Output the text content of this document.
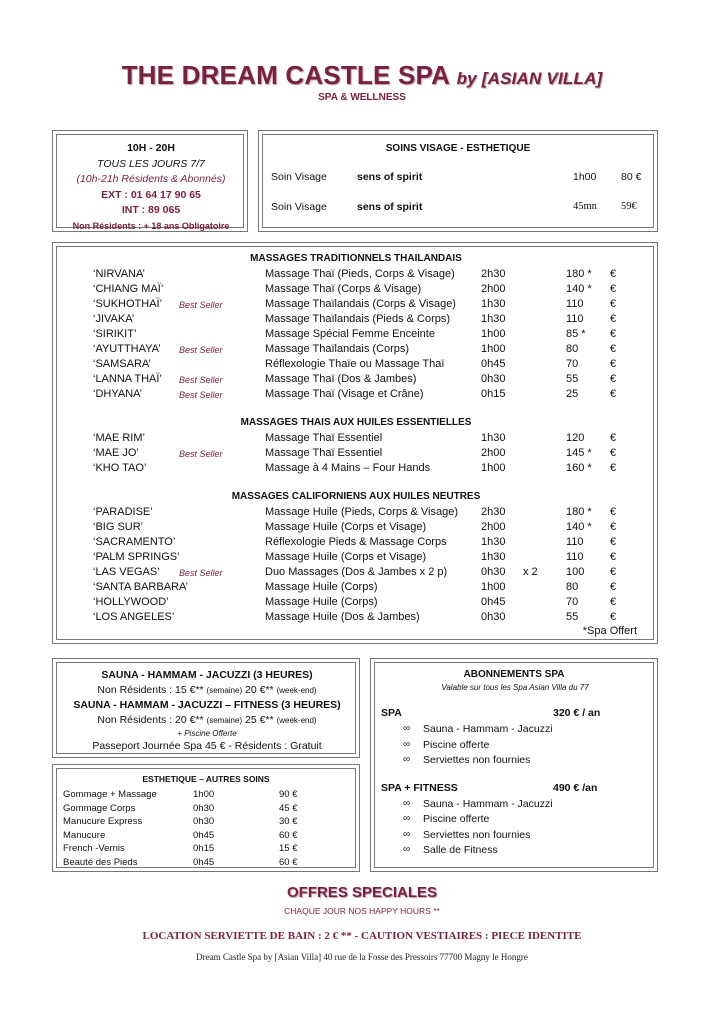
THE DREAM CASTLE SPA by [ASIAN VILLA]
SPA & WELLNESS
10H - 20H
TOUS LES JOURS 7/7
(10h-21h Résidents & Abonnés)
EXT : 01 64 17 90 65
INT : 89 065
Non Résidents : + 18 ans Obligatoire
SOINS VISAGE - ESTHETIQUE
Soin Visage	sens of spirit	1h00 80 €
Soin Visage	sens of spirit	45mn 59€
MASSAGES TRADITIONNELS THAILANDAIS
‘NIRVANA’	Massage Thaï (Pieds, Corps & Visage) 2h30	180 * €
‘CHIANG MAÏ’	Massage Thaï (Corps & Visage)	2h00	140 * €
‘SUKHOTHAÏ’ Best Seller	Massage Thaïlandais (Corps & Visage) 1h30	110 €
‘JIVAKA’	Massage Thaïlandais (Pieds & Corps)	1h30	110 €
‘SIRIKIT’	Massage Spécial Femme Enceinte	1h00	85 * €
‘AYUTTHAYA’ Best Seller	Massage Thaïlandais (Corps)	1h00	80	€
‘SAMSARA’	Réflexologie Thaïe ou Massage Thaï	0h45	70	€
‘LANNA THAÏ’ Best Seller	Massage Thaï (Dos & Jambes)	0h30	55	€
‘DHYANA’	Best Seller	Massage Thaï (Visage et Crâne)	0h15	25	€
MASSAGES THAIS AUX HUILES ESSENTIELLES
‘MAE RIM’	Massage Thaï Essentiel	1h30	120 €
‘MAE JO’	Best Seller	Massage Thaï Essentiel	2h00	145 * €
‘KHO TAO’	Massage à 4 Mains – Four Hands	1h00	160 * €
MASSAGES CALIFORNIENS AUX HUILES NEUTRES
‘PARADISE’	Massage Huile (Pieds, Corps & Visage) 2h30	180 * €
‘BIG SUR’	Massage Huile (Corps et Visage)	2h00	140 * €
‘SACRAMENTO’	Réflexologie Pieds & Massage Corps	1h30	110 €
‘PALM SPRINGS’	Massage Huile (Corps et Visage)	1h30	110 €
‘LAS VEGAS’ Best Seller	Duo Massages (Dos & Jambes x 2 p)	0h30 x 2	100 €
‘SANTA BARBARA’	Massage Huile (Corps)	1h00	80	€
‘HOLLYWOOD’	Massage Huile (Corps)	0h45	70	€
‘LOS ANGELES’	Massage Huile (Dos & Jambes)	0h30	55	€
*Spa Offert
SAUNA - HAMMAM - JACUZZI (3 HEURES)
Non Résidents : 15 €** (semaine) 20 €** (week-end)
SAUNA - HAMMAM - JACUZZI – FITNESS (3 HEURES)
Non Résidents : 20 €** (semaine) 25 €** (week-end)
+ Piscine Offerte
Passeport Journée Spa 45 € - Résidents : Gratuit
ESTHETIQUE – AUTRES SOINS
Gommage + Massage	1h00	90 €
Gommage Corps	0h30	45 €
Manucure Express	0h30	30 €
Manucure	0h45	60 €
French -Vernis	0h15	15 €
Beauté des Pieds	0h45	60 €
ABONNEMENTS SPA
Valable sur tous les Spa Asian Villa du 77
SPA	320 € / an
∞ Sauna - Hammam - Jacuzzi
∞ Piscine offerte
∞ Serviettes non fournies
SPA + FITNESS	490 € /an
∞ Sauna - Hammam - Jacuzzi
∞ Piscine offerte
∞ Serviettes non fournies
∞ Salle de Fitness
OFFRES SPECIALES
CHAQUE JOUR NOS HAPPY HOURS **
LOCATION SERVIETTE DE BAIN : 2 € ** - CAUTION VESTIAIRES : PIECE IDENTITE
Dream Castle Spa by [Asian Villa] 40 rue de la Fosse des Pressoirs 77700 Magny le Hongre
